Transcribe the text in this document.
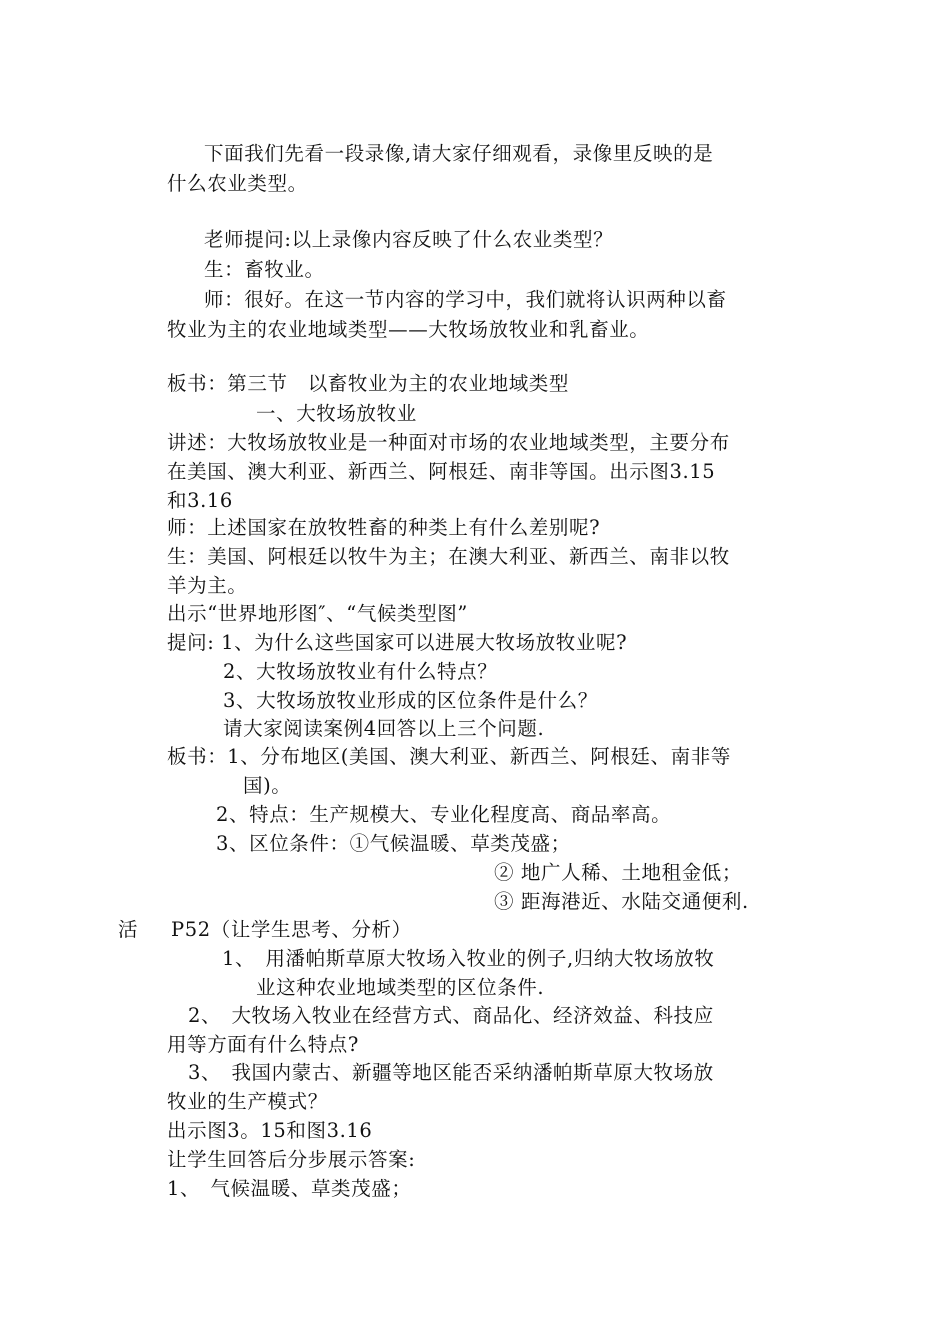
下面我们先看一段录像,请大家仔细观看，录像里反映的是
什么农业类型。
老师提问:以上录像内容反映了什么农业类型？
生：畜牧业。
师：很好。在这一节内容的学习中，我们就将认识两种以畜
牧业为主的农业地域类型——大牧场放牧业和乳畜业。
板书：第三节　以畜牧业为主的农业地域类型
一、大牧场放牧业
讲述：大牧场放牧业是一种面对市场的农业地域类型，主要分布
在美国、澳大利亚、新西兰、阿根廷、南非等国。出示图3.15
和3.16
师：上述国家在放牧牲畜的种类上有什么差别呢?
生：美国、阿根廷以牧牛为主；在澳大利亚、新西兰、南非以牧
羊为主。
出示“世界地形图″、“气候类型图”
提问: 1、为什么这些国家可以进展大牧场放牧业呢?
2、大牧场放牧业有什么特点？
3、大牧场放牧业形成的区位条件是什么？
请大家阅读案例4回答以上三个问题.
板书：1、分布地区(美国、澳大利亚、新西兰、阿根廷、南非等
国)。
2、特点：生产规模大、专业化程度高、商品率高。
3、区位条件：①气候温暖、草类茂盛；
② 地广人稀、土地租金低；
③ 距海港近、水陆交通便利.
活 P52（让学生思考、分析）
1、　用潘帕斯草原大牧场入牧业的例子,归纳大牧场放牧
业这种农业地域类型的区位条件.
2、　大牧场入牧业在经营方式、商品化、经济效益、科技应
用等方面有什么特点?
3、　我国内蒙古、新疆等地区能否采纳潘帕斯草原大牧场放
牧业的生产模式？
出示图3。15和图3.16
让学生回答后分步展示答案:
1、　气候温暖、草类茂盛；
